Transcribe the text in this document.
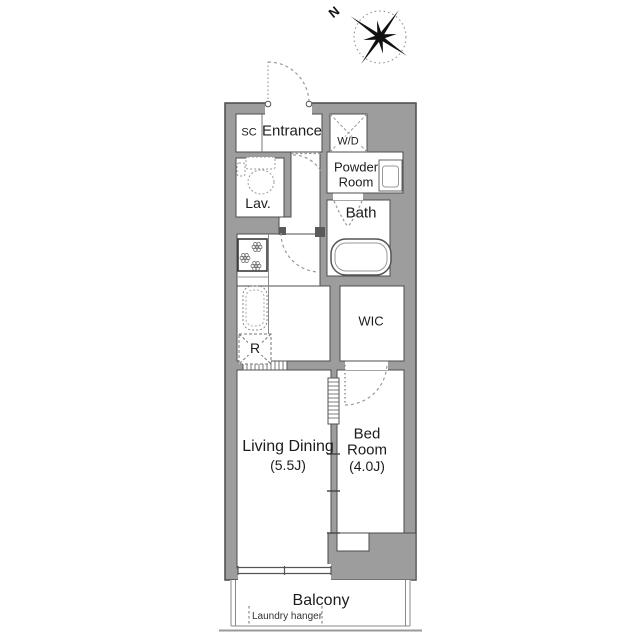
N
SC Entrance
W/D
Powder
Room
Lav.
Bath
WIC
R
Living Dining
(5.5J)
Bed
Room
(4.0J)
Balcony
Laundry hanger
